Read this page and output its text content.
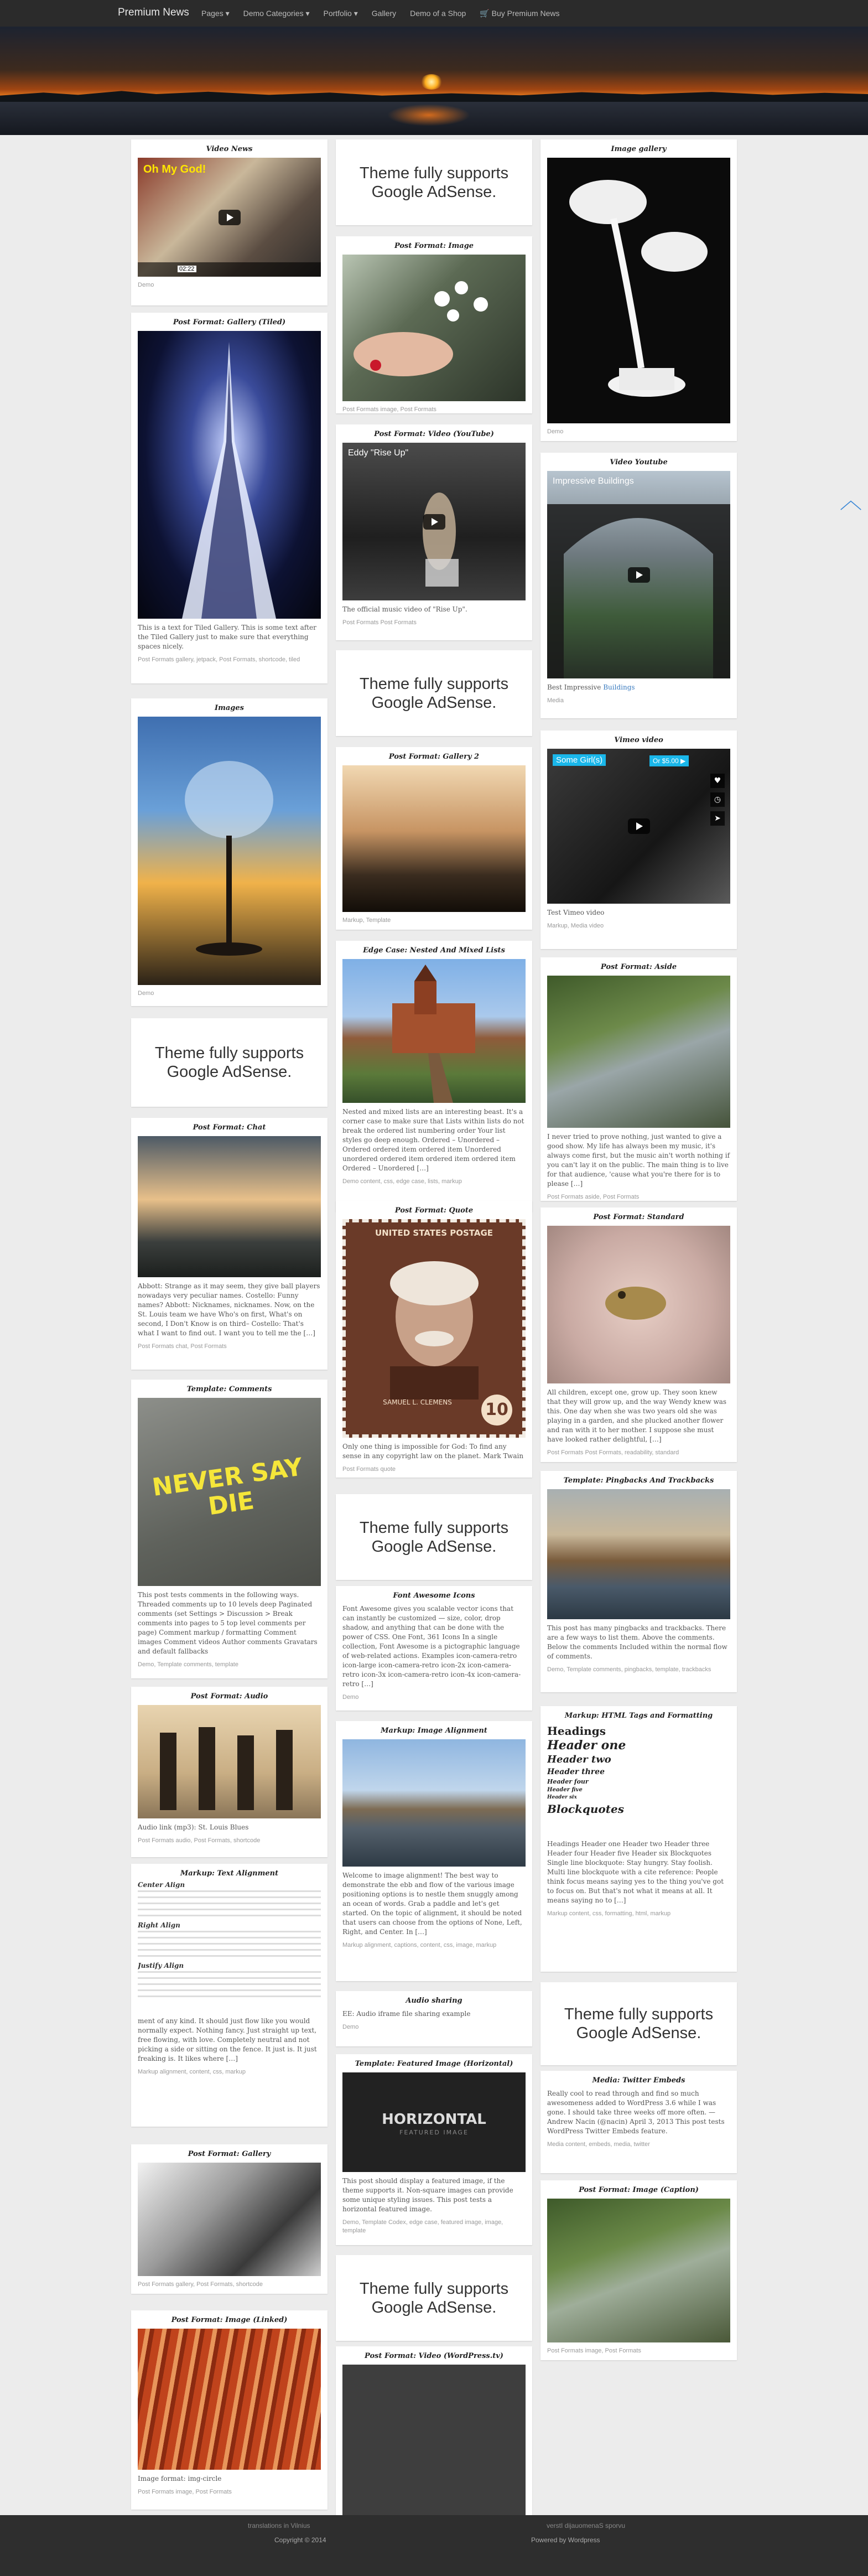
Premium News Pages ▾ Demo Categories ▾ Portfolio ▾ Gallery Demo of a Shop 🛒 Buy Premium News
Video News
Oh My God!
02:22
Demo
Post Format: Gallery (Tiled)
This is a text for Tiled Gallery. This is some text after the Tiled Gallery just to make sure that everything spaces nicely.
Post Formats gallery, jetpack, Post Formats, shortcode, tiled
Images
Demo
Theme fully supports Google AdSense.
Post Format: Chat
Abbott: Strange as it may seem, they give ball players nowadays very peculiar names. Costello: Funny names? Abbott: Nicknames, nicknames. Now, on the St. Louis team we have Who's on first, What's on second, I Don't Know is on third– Costello: That's what I want to find out. I want you to tell me the […]
Post Formats chat, Post Formats
Template: Comments
NEVER SAY DIE
This post tests comments in the following ways. Threaded comments up to 10 levels deep Paginated comments (set Settings > Discussion > Break comments into pages to 5 top level comments per page) Comment markup / formatting Comment images Comment videos Author comments Gravatars and default fallbacks
Demo, Template comments, template
Post Format: Audio
Audio link (mp3): St. Louis Blues
Post Formats audio, Post Formats, shortcode
Markup: Text Alignment
Center Align
Right Align
Justify Align
ment of any kind. It should just flow like you would normally expect. Nothing fancy. Just straight up text, free flowing, with love. Completely neutral and not picking a side or sitting on the fence. It just is. It just freaking is. It likes where […]
Markup alignment, content, css, markup
Post Format: Gallery
Post Formats gallery, Post Formats, shortcode
Post Format: Image (Linked)
Image format: img-circle
Post Formats image, Post Formats
Theme fully supports Google AdSense.
Post Format: Image
Post Formats image, Post Formats
Post Format: Video (YouTube)
Eddy "Rise Up"
The official music video of "Rise Up".
Post Formats Post Formats
Theme fully supports Google AdSense.
Post Format: Gallery 2
Markup, Template
Edge Case: Nested And Mixed Lists
Nested and mixed lists are an interesting beast. It's a corner case to make sure that Lists within lists do not break the ordered list numbering order Your list styles go deep enough. Ordered – Unordered – Ordered ordered item ordered item Unordered unordered ordered item ordered item ordered item Ordered – Unordered […]
Demo content, css, edge case, lists, markup
Post Format: Quote
UNITED STATES POSTAGE
SAMUEL L. CLEMENS	10
Only one thing is impossible for God: To find any sense in any copyright law on the planet. Mark Twain
Post Formats quote
Theme fully supports Google AdSense.
Font Awesome Icons
Font Awesome gives you scalable vector icons that can instantly be customized — size, color, drop shadow, and anything that can be done with the power of CSS. One Font, 361 Icons In a single collection, Font Awesome is a pictographic language of web-related actions. Examples icon-camera-retro icon-large icon-camera-retro icon-2x icon-camera-retro icon-3x icon-camera-retro icon-4x icon-camera-retro […]
Demo
Markup: Image Alignment
Welcome to image alignment! The best way to demonstrate the ebb and flow of the various image positioning options is to nestle them snuggly among an ocean of words. Grab a paddle and let's get started. On the topic of alignment, it should be noted that users can choose from the options of None, Left, Right, and Center. In […]
Markup alignment, captions, content, css, image, markup
Audio sharing
EE: Audio iframe file sharing example
Demo
Template: Featured Image (Horizontal)
HORIZONTAL
FEATURED IMAGE
This post should display a featured image, if the theme supports it. Non-square images can provide some unique styling issues. This post tests a horizontal featured image.
Demo, Template Codex, edge case, featured image, image, template
Theme fully supports Google AdSense.
Post Format: Video (WordPress.tv)
Image gallery
Demo
Video Youtube
Impressive Buildings
Best Impressive Buildings
Media
Vimeo video
Some Girl(s)	Or $5.00 ▶
♥
◷
➤
Test Vimeo video
Markup, Media video
Post Format: Aside
I never tried to prove nothing, just wanted to give a good show. My life has always been my music, it's always come first, but the music ain't worth nothing if you can't lay it on the public. The main thing is to live for that audience, 'cause what you're there for is to please […]
Post Formats aside, Post Formats
Post Format: Standard
All children, except one, grow up. They soon knew that they will grow up, and the way Wendy knew was this. One day when she was two years old she was playing in a garden, and she plucked another flower and ran with it to her mother. I suppose she must have looked rather delightful, […]
Post Formats Post Formats, readability, standard
Template: Pingbacks And Trackbacks
This post has many pingbacks and trackbacks. There are a few ways to list them. Above the comments. Below the comments Included within the normal flow of comments.
Demo, Template comments, pingbacks, template, trackbacks
Markup: HTML Tags and Formatting
Headings
Header one
Header two
Header three
Header four
Header five
Header six
Blockquotes
Headings Header one Header two Header three Header four Header five Header six Blockquotes Single line blockquote: Stay hungry. Stay foolish. Multi line blockquote with a cite reference: People think focus means saying yes to the thing you've got to focus on. But that's not what it means at all. It means saying no to […]
Markup content, css, formatting, html, markup
Theme fully supports Google AdSense.
Media: Twitter Embeds
Really cool to read through and find so much awesomeness added to WordPress 3.6 while I was gone. I should take three weeks off more often. — Andrew Nacin (@nacin) April 3, 2013 This post tests WordPress Twitter Embeds feature.
Media content, embeds, media, twitter
Post Format: Image (Caption)
Post Formats image, Post Formats
︿
translations in Vilnius	verstI dijauomenaS sporvu
Copyright © 2014	Powered by Wordpress
